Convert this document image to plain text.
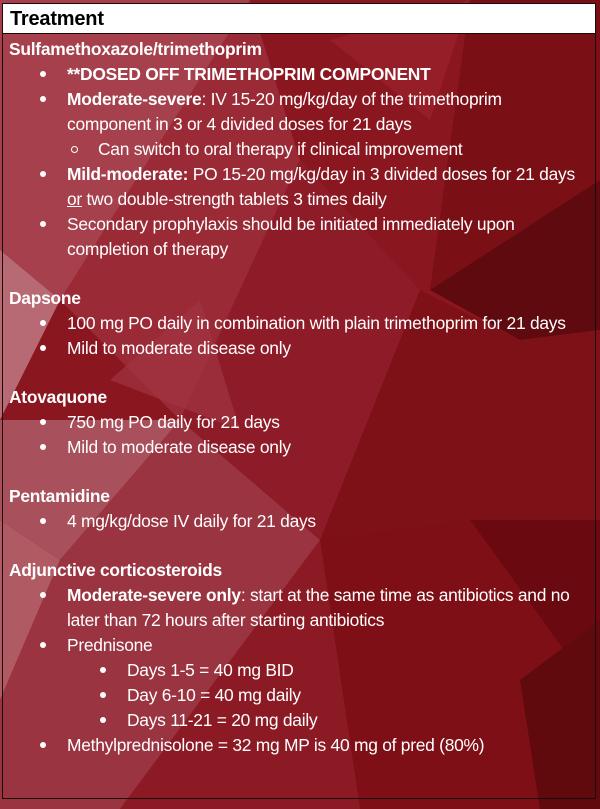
Treatment

Sulfamethoxazole/trimethoprim

**DOSED OFF TRIMETHOPRIM COMPONENT
Moderate-severe: IV 15-20 mg/kg/day of the trimethoprim component in 3 or 4 divided doses for 21 days
Can switch to oral therapy if clinical improvement
Mild-moderate: PO 15-20 mg/kg/day in 3 divided doses for 21 days or two double-strength tablets 3 times daily
Secondary prophylaxis should be initiated immediately upon completion of therapy

Dapsone

100 mg PO daily in combination with plain trimethoprim for 21 days
Mild to moderate disease only

Atovaquone

750 mg PO daily for 21 days
Mild to moderate disease only

Pentamidine

4 mg/kg/dose IV daily for 21 days

Adjunctive corticosteroids

Moderate-severe only: start at the same time as antibiotics and no later than 72 hours after starting antibiotics
Prednisone
Days 1-5 = 40 mg BID
Day 6-10 = 40 mg daily
Days 11-21 = 20 mg daily
Methylprednisolone = 32 mg MP is 40 mg of pred (80%)
